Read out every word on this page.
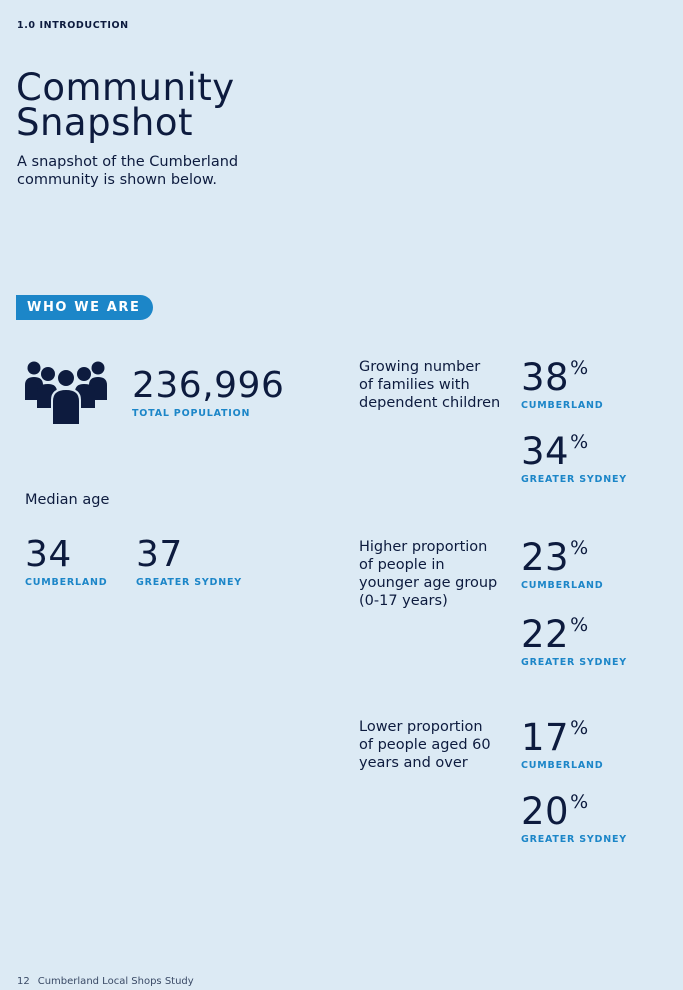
1.0 INTRODUCTION
Community
Snapshot
A snapshot of the Cumberland
community is shown below.
WHO WE ARE
236,996
TOTAL POPULATION
Median age
34
CUMBERLAND
37
GREATER SYDNEY
Growing number
of families with
dependent children
38%
CUMBERLAND
34%
GREATER SYDNEY
Higher proportion
of people in
younger age group
(0-17 years)
23%
CUMBERLAND
22%
GREATER SYDNEY
Lower proportion
of people aged 60
years and over
17%
CUMBERLAND
20%
GREATER SYDNEY
12 Cumberland Local Shops Study
